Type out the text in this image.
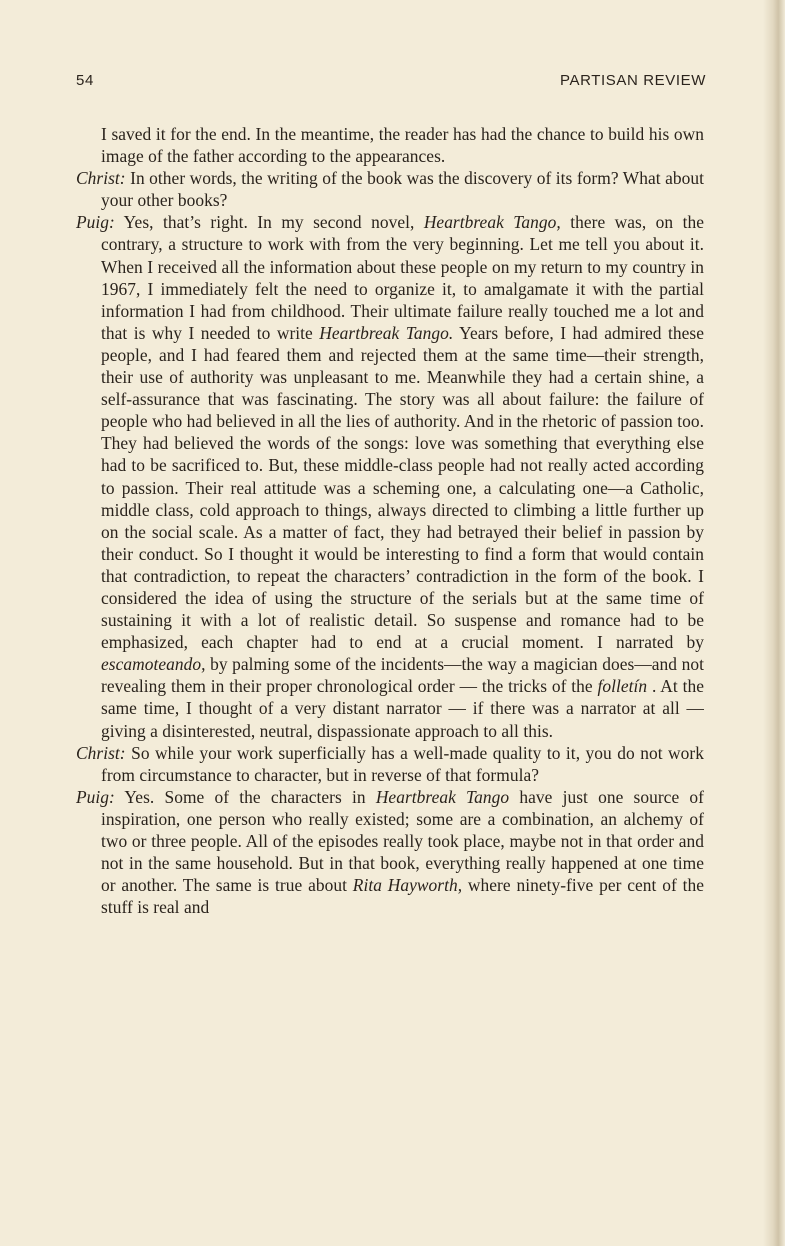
54	PARTISAN REVIEW

I saved it for the end. In the meantime, the reader has had the chance to build his own image of the father according to the appearances.

Christ: In other words, the writing of the book was the discovery of its form? What about your other books?

Puig: Yes, that’s right. In my second novel, Heartbreak Tango, there was, on the contrary, a structure to work with from the very beginning. Let me tell you about it. When I received all the information about these people on my return to my country in 1967, I immediately felt the need to organize it, to amalgamate it with the partial information I had from childhood. Their ultimate failure really touched me a lot and that is why I needed to write Heartbreak Tango. Years before, I had admired these people, and I had feared them and rejected them at the same time—their strength, their use of authority was unpleasant to me. Meanwhile they had a certain shine, a self-assurance that was fascinating. The story was all about failure: the failure of people who had believed in all the lies of authority. And in the rhetoric of passion too. They had believed the words of the songs: love was something that everything else had to be sacrificed to. But, these middle-class people had not really acted according to passion. Their real attitude was a scheming one, a calculating one—a Catholic, middle class, cold approach to things, always directed to climbing a little further up on the social scale. As a matter of fact, they had betrayed their belief in passion by their conduct. So I thought it would be interesting to find a form that would contain that contradiction, to repeat the characters’ contradiction in the form of the book. I considered the idea of using the structure of the serials but at the same time of sustaining it with a lot of realistic detail. So suspense and romance had to be emphasized, each chapter had to end at a crucial moment. I narrated by escamoteando, by palming some of the incidents—the way a magician does—and not revealing them in their proper chronological order — the tricks of the folletín . At the same time, I thought of a very distant narrator — if there was a narrator at all — giving a disinterested, neutral, dispassionate approach to all this.

Christ: So while your work superficially has a well-made quality to it, you do not work from circumstance to character, but in reverse of that formula?

Puig: Yes. Some of the characters in Heartbreak Tango have just one source of inspiration, one person who really existed; some are a combination, an alchemy of two or three people. All of the episodes really took place, maybe not in that order and not in the same household. But in that book, everything really happened at one time or another. The same is true about Rita Hayworth, where ninety-five per cent of the stuff is real and
